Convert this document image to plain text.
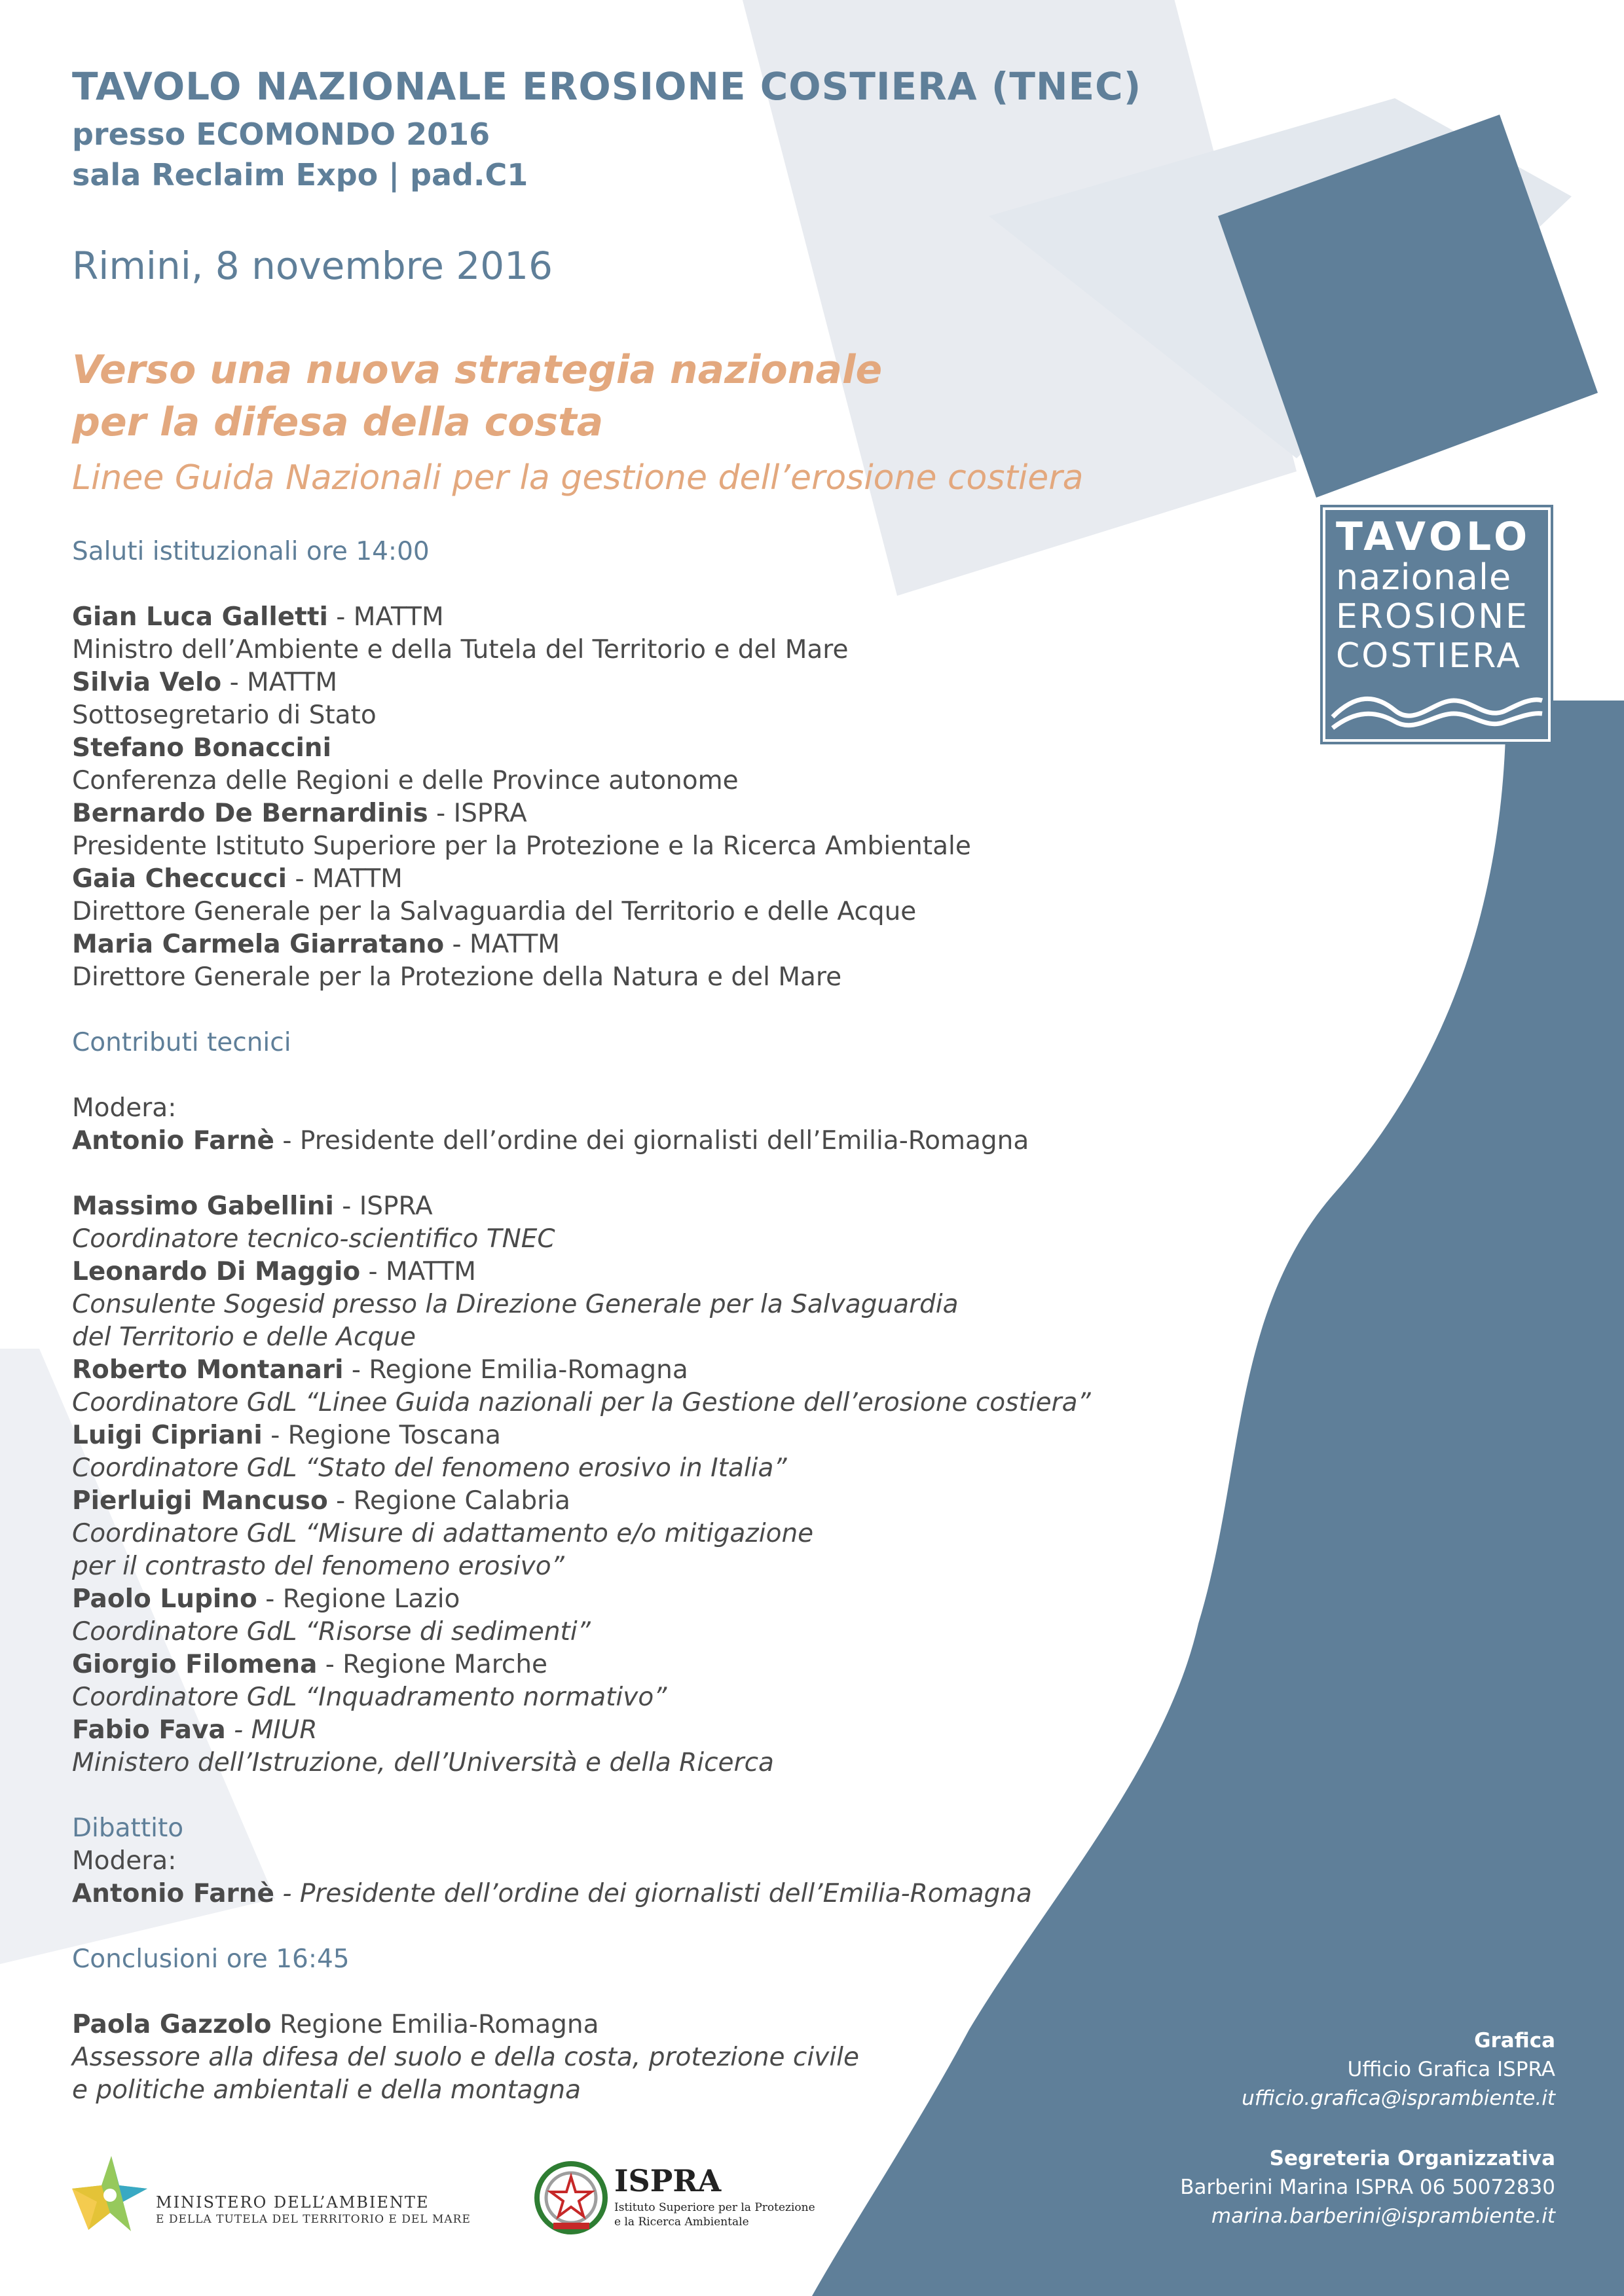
TAVOLO NAZIONALE EROSIONE COSTIERA (TNEC)
presso ECOMONDO 2016
sala Reclaim Expo | pad.C1
Rimini, 8 novembre 2016
Verso una nuova strategia nazionale
per la difesa della costa
Linee Guida Nazionali per la gestione dell’erosione costiera
TAVOLO
nazionale
EROSIONE
COSTIERA
Saluti istituzionali ore 14:00
Gian Luca Galletti - MATTM
Ministro dell’Ambiente e della Tutela del Territorio e del Mare
Silvia Velo - MATTM
Sottosegretario di Stato
Stefano Bonaccini
Conferenza delle Regioni e delle Province autonome
Bernardo De Bernardinis - ISPRA
Presidente Istituto Superiore per la Protezione e la Ricerca Ambientale
Gaia Checcucci - MATTM
Direttore Generale per la Salvaguardia del Territorio e delle Acque
Maria Carmela Giarratano - MATTM
Direttore Generale per la Protezione della Natura e del Mare
Contributi tecnici
Modera:
Antonio Farnè - Presidente dell’ordine dei giornalisti dell’Emilia-Romagna
Massimo Gabellini - ISPRA
Coordinatore tecnico-scientifico TNEC
Leonardo Di Maggio - MATTM
Consulente Sogesid presso la Direzione Generale per la Salvaguardia
del Territorio e delle Acque
Roberto Montanari - Regione Emilia-Romagna
Coordinatore GdL “Linee Guida nazionali per la Gestione dell’erosione costiera”
Luigi Cipriani - Regione Toscana
Coordinatore GdL “Stato del fenomeno erosivo in Italia”
Pierluigi Mancuso - Regione Calabria
Coordinatore GdL “Misure di adattamento e/o mitigazione
per il contrasto del fenomeno erosivo”
Paolo Lupino - Regione Lazio
Coordinatore GdL “Risorse di sedimenti”
Giorgio Filomena - Regione Marche
Coordinatore GdL “Inquadramento normativo”
Fabio Fava - MIUR
Ministero dell’Istruzione, dell’Università e della Ricerca
Dibattito
Modera:
Antonio Farnè - Presidente dell’ordine dei giornalisti dell’Emilia-Romagna
Conclusioni ore 16:45
Paola Gazzolo Regione Emilia-Romagna
Assessore alla difesa del suolo e della costa, protezione civile
e politiche ambientali e della montagna
Grafica
Ufficio Grafica ISPRA
ufficio.grafica@isprambiente.it
Segreteria Organizzativa
Barberini Marina ISPRA 06 50072830
marina.barberini@isprambiente.it
MINISTERO DELL’AMBIENTE
E DELLA TUTELA DEL TERRITORIO E DEL MARE
ISPRA
Istituto Superiore per la Protezione
e la Ricerca Ambientale
